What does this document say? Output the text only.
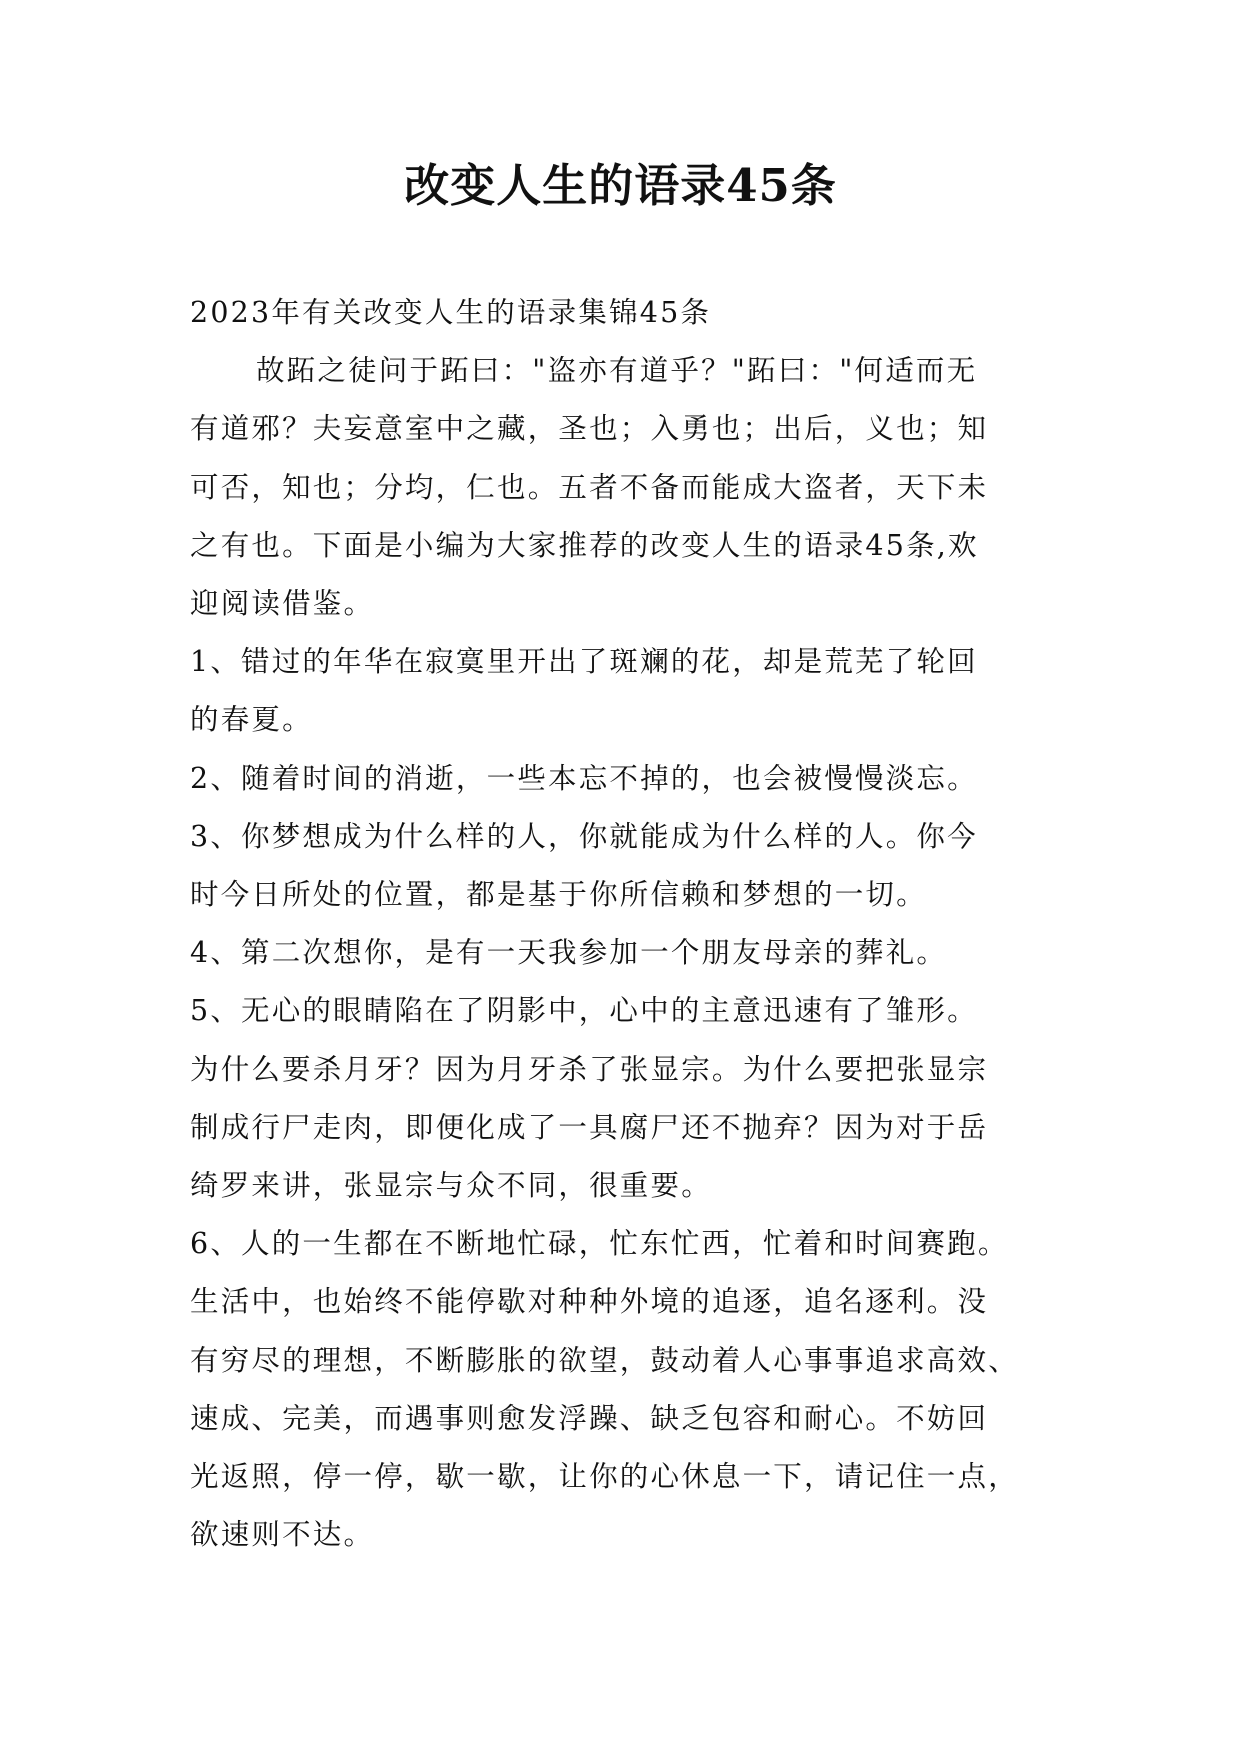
改变人生的语录45条

2023年有关改变人生的语录集锦45条

故跖之徒问于跖曰："盗亦有道乎？"跖曰："何适而无

有道邪？夫妄意室中之藏，圣也；入勇也；出后，义也；知

可否，知也；分均，仁也。五者不备而能成大盗者，天下未

之有也。下面是小编为大家推荐的改变人生的语录45条,欢

迎阅读借鉴。

1、错过的年华在寂寞里开出了斑斓的花，却是荒芜了轮回

的春夏。

2、随着时间的消逝，一些本忘不掉的，也会被慢慢淡忘。

3、你梦想成为什么样的人，你就能成为什么样的人。你今

时今日所处的位置，都是基于你所信赖和梦想的一切。

4、第二次想你，是有一天我参加一个朋友母亲的葬礼。

5、无心的眼睛陷在了阴影中，心中的主意迅速有了雏形。

为什么要杀月牙？因为月牙杀了张显宗。为什么要把张显宗

制成行尸走肉，即便化成了一具腐尸还不抛弃？因为对于岳

绮罗来讲，张显宗与众不同，很重要。

6、人的一生都在不断地忙碌，忙东忙西，忙着和时间赛跑。

生活中，也始终不能停歇对种种外境的追逐，追名逐利。没

有穷尽的理想，不断膨胀的欲望，鼓动着人心事事追求高效、

速成、完美，而遇事则愈发浮躁、缺乏包容和耐心。不妨回

光返照，停一停，歇一歇，让你的心休息一下，请记住一点，

欲速则不达。
